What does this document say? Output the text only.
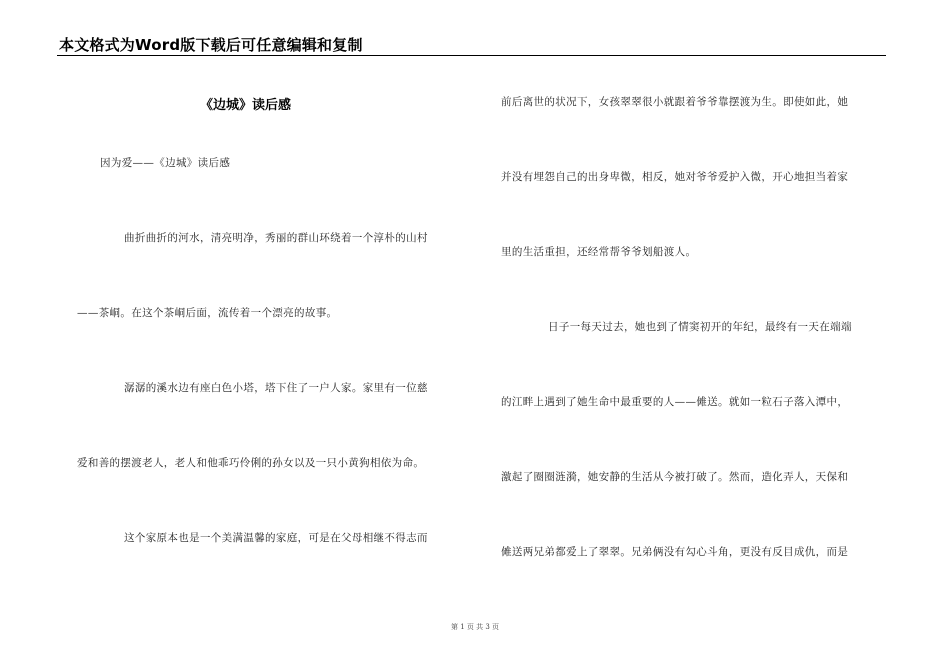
本文格式为Word版下载后可任意编辑和复制
《边城》读后感
因为爱——《边城》读后感
曲折曲折的河水，清亮明净，秀丽的群山环绕着一个淳朴的山村
——茶峒。在这个茶峒后面，流传着一个漂亮的故事。
潺潺的溪水边有座白色小塔，塔下住了一户人家。家里有一位慈
爱和善的摆渡老人，老人和他乖巧伶俐的孙女以及一只小黄狗相依为命。
这个家原本也是一个美满温馨的家庭，可是在父母相继不得志而
前后离世的状况下，女孩翠翠很小就跟着爷爷靠摆渡为生。即使如此，她
并没有埋怨自己的出身卑微，相反，她对爷爷爱护入微，开心地担当着家
里的生活重担，还经常帮爷爷划船渡人。
日子一每天过去，她也到了情窦初开的年纪，最终有一天在端端
的江畔上遇到了她生命中最重要的人——傩送。就如一粒石子落入潭中，
激起了圈圈涟漪，她安静的生活从今被打破了。然而，造化弄人，天保和
傩送两兄弟都爱上了翠翠。兄弟俩没有勾心斗角，更没有反目成仇，而是
第 1 页 共 3 页
